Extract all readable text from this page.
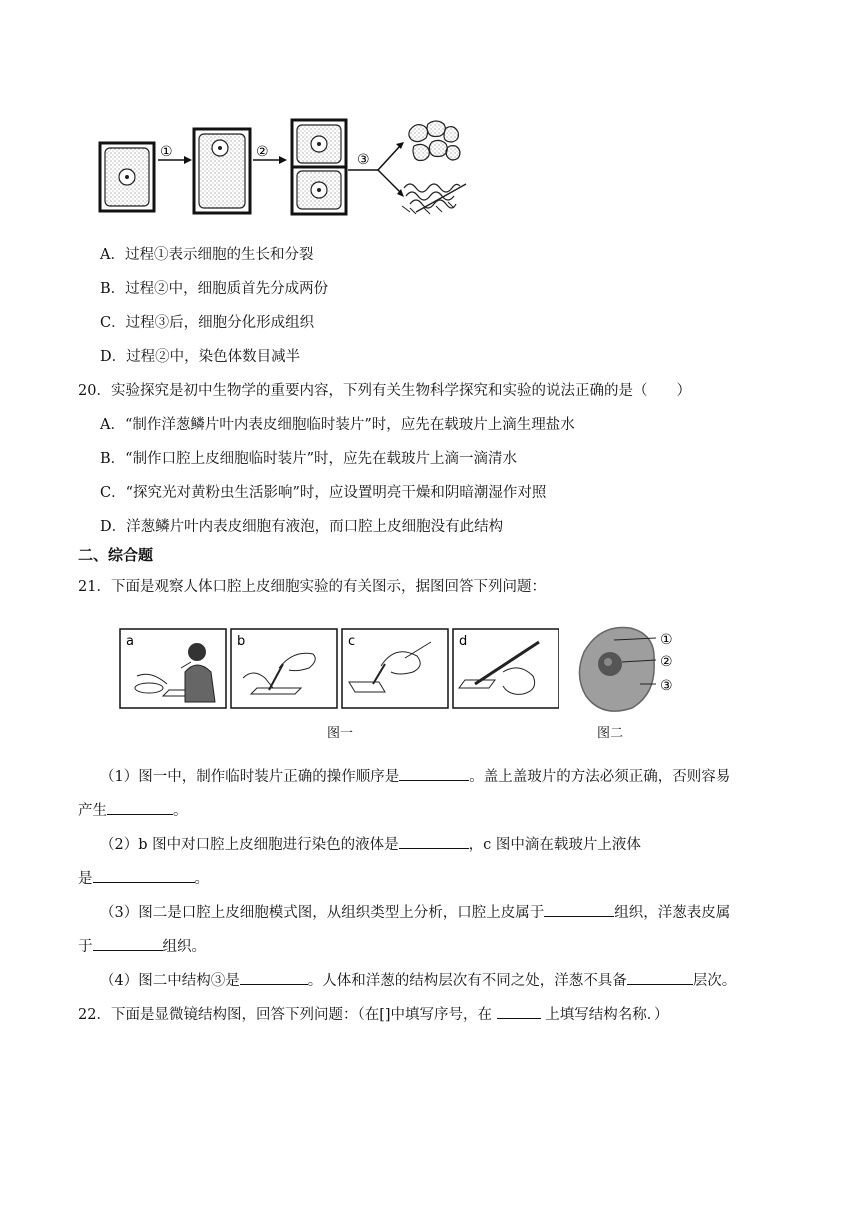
①	②	③
A．过程①表示细胞的生长和分裂
B．过程②中，细胞质首先分成两份
C．过程③后，细胞分化形成组织
D．过程②中，染色体数目减半
20．实验探究是初中生物学的重要内容，下列有关生物科学探究和实验的说法正确的是（　　）
A．“制作洋葱鳞片叶内表皮细胞临时装片”时，应先在载玻片上滴生理盐水
B．“制作口腔上皮细胞临时装片”时，应先在载玻片上滴一滴清水
C．“探究光对黄粉虫生活影响”时，应设置明亮干燥和阴暗潮湿作对照
D．洋葱鳞片叶内表皮细胞有液泡，而口腔上皮细胞没有此结构
二、综合题
21．下面是观察人体口腔上皮细胞实验的有关图示，据图回答下列问题：
a	b	c	d	①
②
③
图一	图二
（1）图一中，制作临时装片正确的操作顺序是	。盖上盖玻片的方法必须正确，否则容易
产生	。
（2）b 图中对口腔上皮细胞进行染色的液体是	，c 图中滴在载玻片上液体
是	。
（3）图二是口腔上皮细胞模式图，从组织类型上分析，口腔上皮属于	组织，洋葱表皮属
于	组织。
（4）图二中结构③是	。人体和洋葱的结构层次有不同之处，洋葱不具备	层次。
22．下面是显微镜结构图，回答下列问题：（在[]中填写序号，在	上填写结构名称．）
